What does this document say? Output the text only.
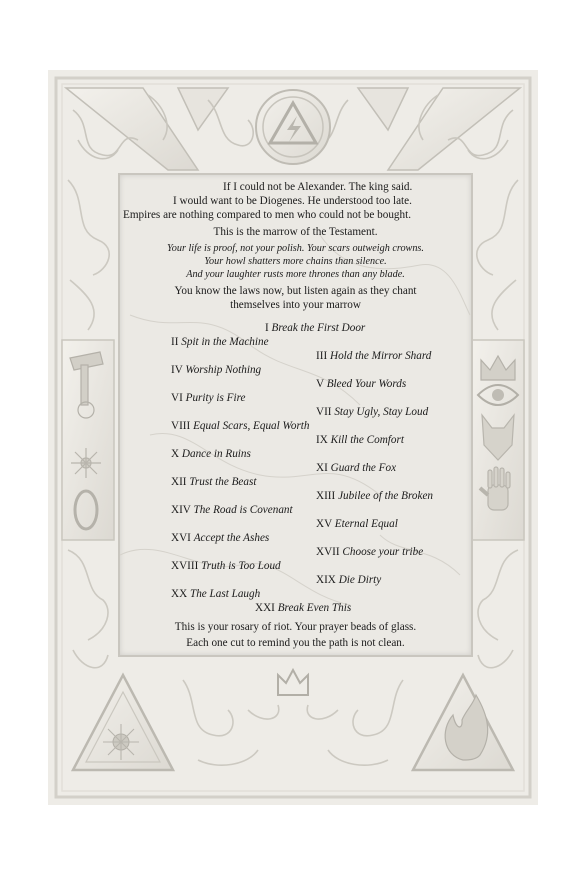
If I could not be Alexander. The king said.
I would want to be Diogenes. He understood too late.
Empires are nothing compared to men who could not be bought.
This is the marrow of the Testament.
Your life is proof, not your polish. Your scars outweigh crowns.
Your howl shatters more chains than silence.
And your laughter rusts more thrones than any blade.
You know the laws now, but listen again as they chant
themselves into your marrow
I Break the First Door
II Spit in the Machine
III Hold the Mirror Shard
IV Worship Nothing
V Bleed Your Words
VI Purity is Fire
VII Stay Ugly, Stay Loud
VIII Equal Scars, Equal Worth
IX Kill the Comfort
X Dance in Ruins
XI Guard the Fox
XII Trust the Beast
XIII Jubilee of the Broken
XIV The Road is Covenant
XV Eternal Equal
XVI Accept the Ashes
XVII Choose your tribe
XVIII Truth is Too Loud
XIX Die Dirty
XX The Last Laugh
XXI Break Even This
This is your rosary of riot. Your prayer beads of glass.
Each one cut to remind you the path is not clean.
